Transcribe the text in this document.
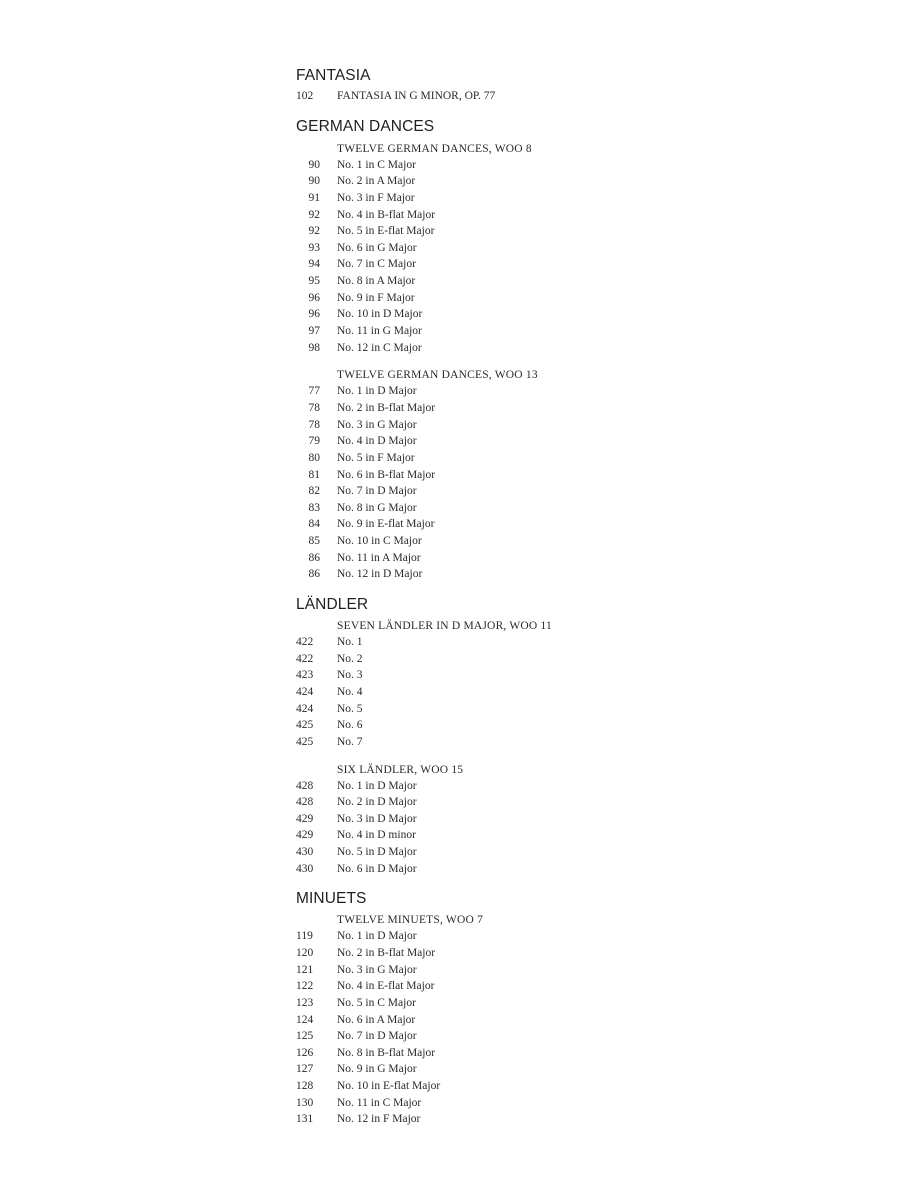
FANTASIA
102	FANTASIA IN G MINOR, OP. 77
GERMAN DANCES
TWELVE GERMAN DANCES, WOO 8
90 No. 1 in C Major
90 No. 2 in A Major
91 No. 3 in F Major
92 No. 4 in B-flat Major
92 No. 5 in E-flat Major
93 No. 6 in G Major
94 No. 7 in C Major
95 No. 8 in A Major
96 No. 9 in F Major
96 No. 10 in D Major
97 No. 11 in G Major
98 No. 12 in C Major
TWELVE GERMAN DANCES, WOO 13
77 No. 1 in D Major
78 No. 2 in B-flat Major
78 No. 3 in G Major
79 No. 4 in D Major
80 No. 5 in F Major
81 No. 6 in B-flat Major
82 No. 7 in D Major
83 No. 8 in G Major
84 No. 9 in E-flat Major
85 No. 10 in C Major
86 No. 11 in A Major
86 No. 12 in D Major
LÄNDLER
SEVEN LÄNDLER IN D MAJOR, WOO 11
422	No. 1
422	No. 2
423	No. 3
424	No. 4
424	No. 5
425	No. 6
425	No. 7
SIX LÄNDLER, WOO 15
428	No. 1 in D Major
428	No. 2 in D Major
429	No. 3 in D Major
429	No. 4 in D minor
430	No. 5 in D Major
430	No. 6 in D Major
MINUETS
TWELVE MINUETS, WOO 7
119	No. 1 in D Major
120	No. 2 in B-flat Major
121	No. 3 in G Major
122	No. 4 in E-flat Major
123	No. 5 in C Major
124	No. 6 in A Major
125	No. 7 in D Major
126	No. 8 in B-flat Major
127	No. 9 in G Major
128	No. 10 in E-flat Major
130	No. 11 in C Major
131	No. 12 in F Major
